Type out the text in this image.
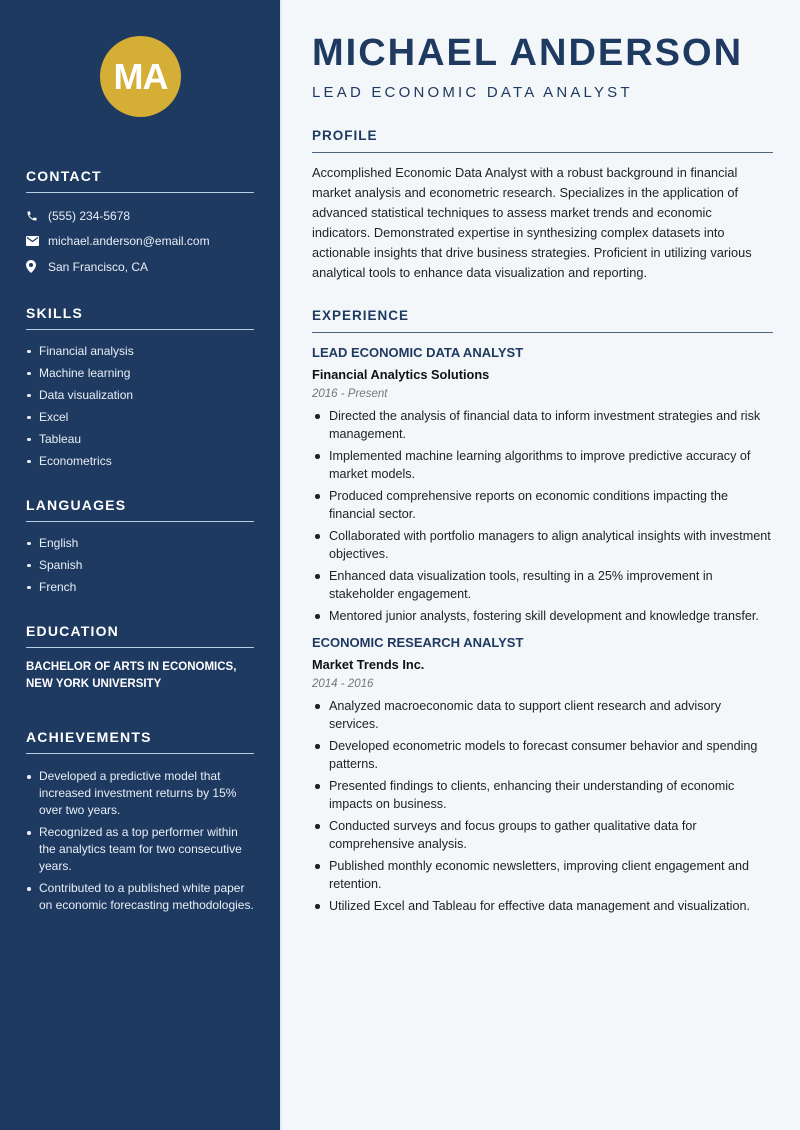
MA
CONTACT
(555) 234-5678
michael.anderson@email.com
San Francisco, CA
SKILLS
Financial analysis
Machine learning
Data visualization
Excel
Tableau
Econometrics
LANGUAGES
English
Spanish
French
EDUCATION
BACHELOR OF ARTS IN ECONOMICS,
NEW YORK UNIVERSITY
ACHIEVEMENTS
Developed a predictive model that increased investment returns by 15% over two years.
Recognized as a top performer within the analytics team for two consecutive years.
Contributed to a published white paper on economic forecasting methodologies.
MICHAEL ANDERSON
LEAD ECONOMIC DATA ANALYST
PROFILE

Accomplished Economic Data Analyst with a robust background in financial market analysis and econometric research. Specializes in the application of advanced statistical techniques to assess market trends and economic indicators. Demonstrated expertise in synthesizing complex datasets into actionable insights that drive business strategies. Proficient in utilizing various analytical tools to enhance data visualization and reporting.

EXPERIENCE
LEAD ECONOMIC DATA ANALYST
Financial Analytics Solutions
2016 - Present
Directed the analysis of financial data to inform investment strategies and risk management.
Implemented machine learning algorithms to improve predictive accuracy of market models.
Produced comprehensive reports on economic conditions impacting the financial sector.
Collaborated with portfolio managers to align analytical insights with investment objectives.
Enhanced data visualization tools, resulting in a 25% improvement in stakeholder engagement.
Mentored junior analysts, fostering skill development and knowledge transfer.
ECONOMIC RESEARCH ANALYST
Market Trends Inc.
2014 - 2016
Analyzed macroeconomic data to support client research and advisory services.
Developed econometric models to forecast consumer behavior and spending patterns.
Presented findings to clients, enhancing their understanding of economic impacts on business.
Conducted surveys and focus groups to gather qualitative data for comprehensive analysis.
Published monthly economic newsletters, improving client engagement and retention.
Utilized Excel and Tableau for effective data management and visualization.
